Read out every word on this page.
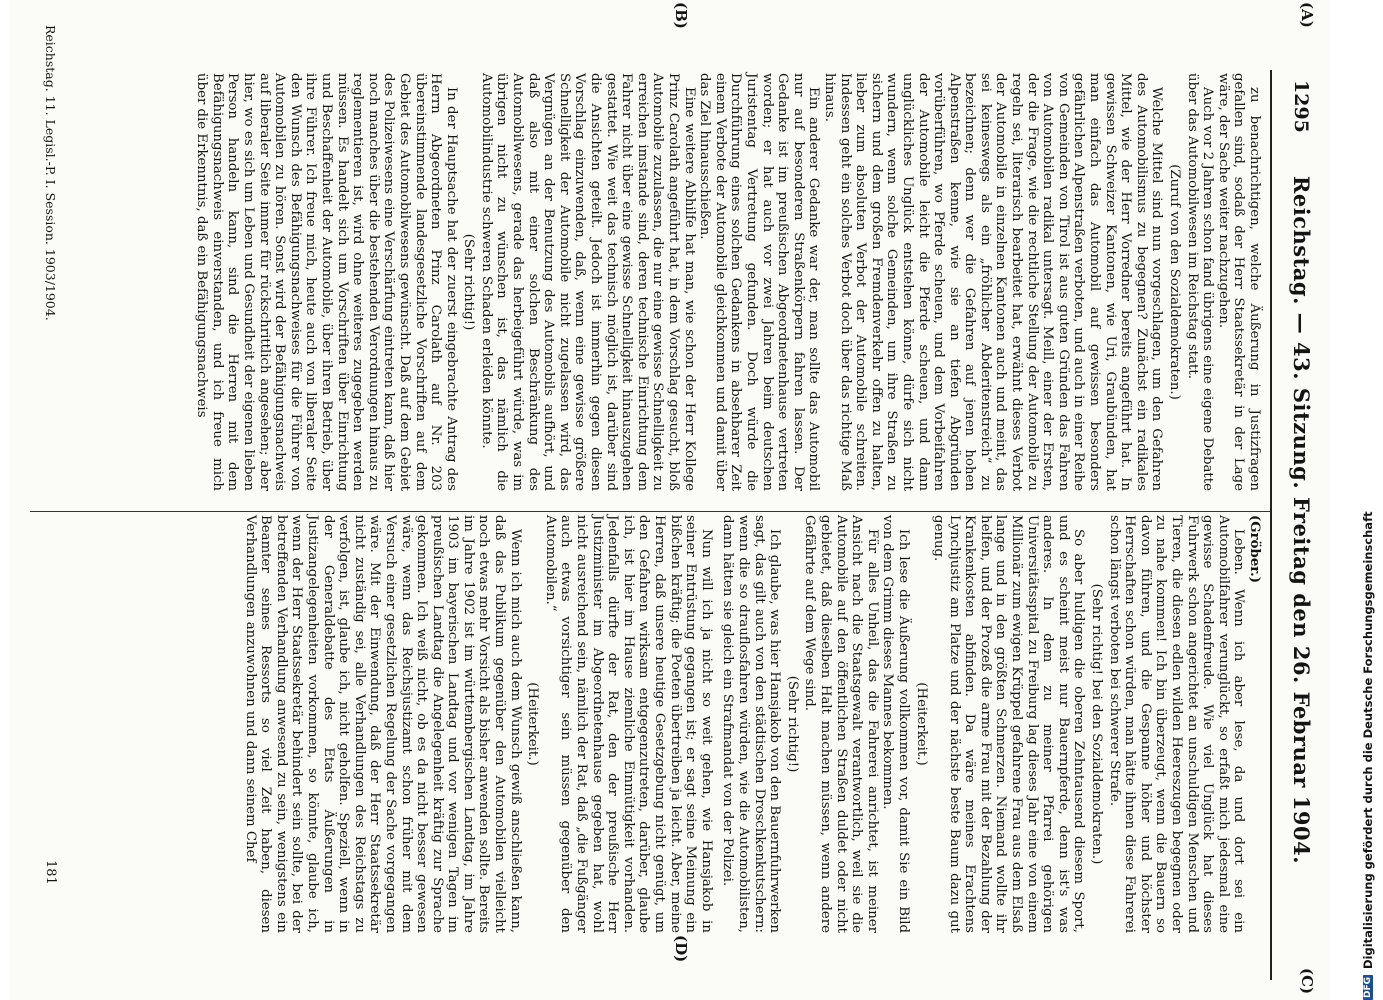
(A)
(B)
(C)
(D)
1295
Reichstag. — 43. Sitzung. Freitag den 26. Februar 1904.

(Gröber.)

Leben. Wenn ich aber lese, da und dort sei ein Automobilfahrer verunglückt, so erfaßt mich jedesmal eine gewisse Schadenfreude. Wie viel Unglück hat dieses Fuhrwerk schon angerichtet an unschuldigen Menschen und Tieren, die diesen edlen wilden Heereszugen begegnen oder zu nahe kommen! Ich bin überzeugt, wenn die Bauern so davon führen, und die Gespanne höher und höchster Herrschaften schon würden, man hätte ihnen diese Fahrerei schon längst verboten bei schwerer Strafe.

(Sehr richtig! bei den Sozialdemokraten.)

So aber huldigen die oberen Zehntausend diesem Sport, und es scheint meist nur Bauernpferde, denn ist's was anderes. In dem zu meiner Pfarrei gehörigen Universitätsspital zu Freiburg lag dieses Jahr eine von einem Millionär zum ewigen Krüppel gefahrene Frau aus dem Elsaß lange und in den größten Schmerzen. Niemand wollte ihr helfen, und der Prozeß die arme Frau mit der Bezahlung der Krankenkosten abfinden. Da wäre meines Erachtens Lynchjustiz am Platze und der nächste beste Baum dazu gut genug.

(Heiterkeit.)

Ich lese die Äußerung vollkommen vor, damit Sie ein Bild von dem Grimm dieses Mannes bekommen.

Für alles Unheil, das die Fahrerei anrichtet, ist meiner Ansicht nach die Staatsgewalt verantwortlich, weil sie die Automobile auf den öffentlichen Straßen duldet oder nicht gebietet, daß dieselben Halt machen müssen, wenn andere Gefährte auf dem Wege sind.

(Sehr richtig!)

Ich glaube, was hier Hansjakob von den Bauernfuhrwerken sagt, das gilt auch von den städtischen Droschkenkutschern: wenn die so drauflosfahren würden, wie die Automobilisten, dann hätten sie gleich ein Strafmandat von der Polizei.

Nun will ich ja nicht so weit gehen, wie Hansjakob in seiner Entrüstung gegangen ist; er sagt seine Meinung ein bißchen kräftig; die Poeten übertreiben ja leicht. Aber, meine Herren, daß unsere heutige Gesetzgebung nicht genügt, um den Gefahren wirksam entgegenzutreten, darüber, glaube ich, ist hier im Hause ziemliche Einmütigkeit vorhanden. Jedenfalls dürfte der Rat, den der preußische Herr Justizminister im Abgeordnetenhause gegeben hat, wohl nicht ausreichend sein, nämlich der Rat, daß „die Fußgänger auch etwas vorsichtiger sein müssen gegenüber den Automobilen.“

(Heiterkeit.)

Wenn ich mich auch dem Wunsch gewiß anschließen kann, daß das Publikum gegenüber den Automobilen vielleicht noch etwas mehr Vorsicht als bisher anwenden sollte. Bereits im Jahre 1902 ist im württembergischen Landtag, im Jahre 1903 im bayerischen Landtag und vor wenigen Tagen im preußischen Landtag die Angelegenheit kräftig zur Sprache gekommen. Ich weiß nicht, ob es da nicht besser gewesen wäre, wenn das Reichsjustizamt schon früher mit dem Versuch einer gesetzlichen Regelung der Sache vorgegangen wäre. Mit der Einwendung, daß der Herr Staatssekretär nicht zuständig sei, alle Verhandlungen des Reichstags zu verfolgen, ist, glaube ich, nicht geholfen. Speziell, wenn in der Generaldebatte des Etats Äußerungen in Justizangelegenheiten vorkommen, so könnte, glaube ich, wenn der Herr Staatssekretär behindert sein sollte, bei der betreffenden Verhandlung anwesend zu sein, wenigstens ein Beamter seines Ressorts so viel Zeit haben, diesen Verhandlungen anzuwohnen und dann seinem Chef

zu benachrichtigen, welche Äußerung in Justizfragen gefallen sind, sodaß der Herr Staatssekretär in der Lage wäre, der Sache weiter nachzugehen.

Auch vor 2 Jahren schon fand übrigens eine eigene Debatte über das Automobilwesen im Reichstag statt.

(Zuruf von den Sozialdemokraten.)

Welche Mittel sind nun vorgeschlagen, um den Gefahren des Automobilismus zu begegnen? Zunächst ein radikales Mittel, wie der Herr Vorredner bereits angeführt hat. In gewissen Schweizer Kantonen, wie Uri, Graubünden, hat man einfach das Automobil auf gewissen besonders gefährlichen Alpenstraßen verboten, und auch in einer Reihe von Gemeinden von Tirol ist aus guten Gründen das Fahren von Automobilen radikal untersagt. Meill, einer der Ersten, der die Frage, wie die rechtliche Stellung der Automobile zu regeln sei, literarisch bearbeitet hat, erwähnt dieses Verbot der Automobile in einzelnen Kantonen auch und meint, das sei keineswegs als ein „fröhlicher Abderitenstreich“ zu bezeichnen; denn wer die Gefahren auf jenen hohen Alpenstraßen kenne, wie sie an tiefen Abgründen vorüberführen, wo Pferde scheuen, und dem Vorbeifahren der Automobile leicht die Pferde scheuen, und dann unglückliches Unglück entstehen könne, dürfe sich nicht wundern, wenn solche Gemeinden, um ihre Straßen zu sichern und dem großen Fremdenverkehr offen zu halten, lieber zum absoluten Verbot der Automobile schreiten. Indessen geht ein solches Verbot doch über das richtige Maß hinaus.

Ein anderer Gedanke war der, man sollte das Automobil nur auf besonderen Straßenkörpern fahren lassen. Der Gedanke ist im preußischen Abgeordnetenhause vertreten worden; er hat auch vor zwei Jahren beim deutschen Juristentag Vertretung gefunden. Doch würde die Durchführung eines solchen Gedankens in absehbarer Zeit einem Verbote der Automobile gleichkommen und damit über das Ziel hinausschießen.

Eine weitere Abhilfe hat man, wie schon der Herr Kollege Prinz Carolath angeführt hat, in dem Vorschlag gesucht, bloß Automobile zuzulassen, die nur eine gewisse Schnelligkeit zu erreichen imstande sind, deren technische Einrichtung dem Fahrer nicht über eine gewisse Schnelligkeit hinauszugehen gestattet. Wie weit das technisch möglich ist, darüber sind die Ansichten geteilt. Jedoch ist immerhin gegen diesen Vorschlag einzuwenden, daß, wenn eine gewisse größere Schnelligkeit der Automobile nicht zugelassen wird, das Vergnügen an der Benutzung des Automobils aufhört, und daß also mit einer solchen Beschränkung des Automobilwesens, gerade das herbeigeführt würde, was im übrigen nicht zu wünschen ist, das nämlich die Automobilindustrie schweren Schaden erleiden könnte.

(Sehr richtig!)

In der Hauptsache hat der zuerst eingebrachte Antrag des Herrn Abgeordneten Prinz Carolath auf Nr. 203 übereinstimmende landesgesetzliche Vorschriften auf dem Gebiet des Automobilwesens gewünscht. Daß auf dem Gebiet des Polizeiwesens eine Verschärfung eintreten kann, daß hier noch manches über die bestehenden Verordnungen hinaus zu reglementieren ist, wird ohne weiteres zugegeben werden müssen. Es handelt sich um Vorschriften über Einrichtung und Beschaffenheit der Automobile, über ihren Betrieb, über ihre Führer. Ich freue mich, heute auch von liberaler Seite den Wunsch des Befähigungsnachweises für die Führer von Automobilen zu hören. Sonst wird der Befähigungsnachweis auf liberaler Seite immer für rückschrittlich angesehen; aber hier, wo es sich um Leben und Gesundheit der eigenen lieben Person handeln kann, sind die Herren mit dem Befähigungsnachweis einverstanden, und ich freue mich über die Erkenntnis, daß ein Befähigungsnachweis

Reichstag. 11. Legisl.-P. I. Session. 1903/1904.
181
DFG
Digitalisierung gefördert durch die Deutsche Forschungsgemeinschaft
